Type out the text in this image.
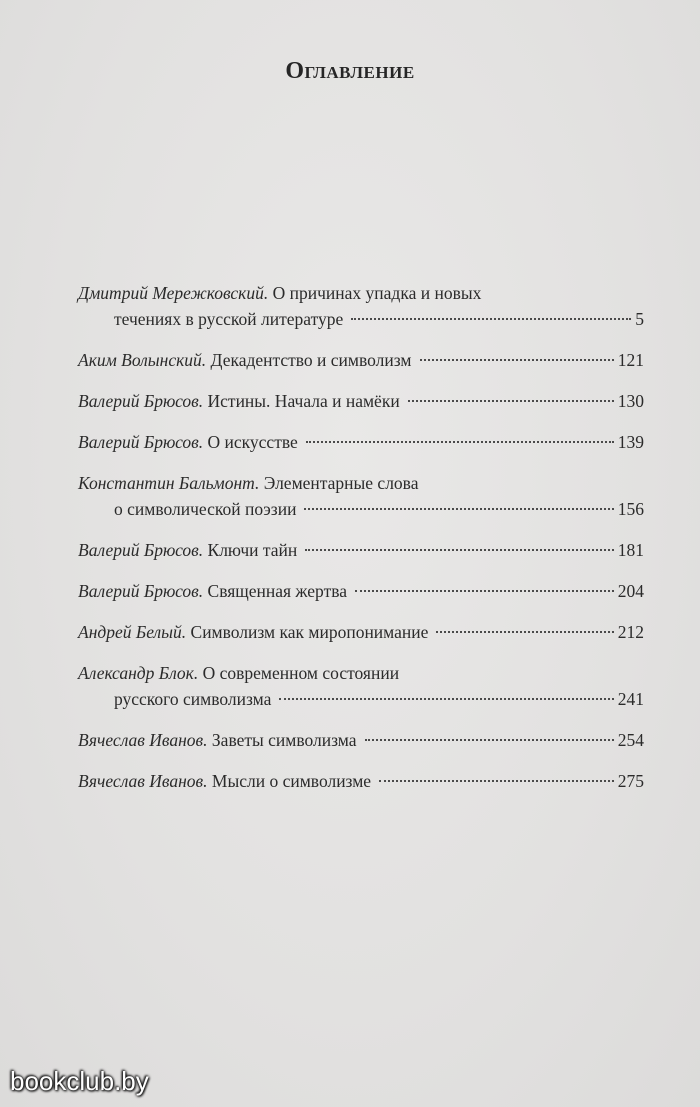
Оглавление
Дмитрий Мережковский. О причинах упадка и новых
течениях в русской литературе	5
Аким Волынский. Декадентство и символизм	121
Валерий Брюсов. Истины. Начала и намёки	130
Валерий Брюсов. О искусстве	139
Константин Бальмонт. Элементарные слова
о символической поэзии	156
Валерий Брюсов. Ключи тайн	181
Валерий Брюсов. Священная жертва	204
Андрей Белый. Символизм как миропонимание	212
Александр Блок. О современном состоянии
русского символизма	241
Вячеслав Иванов. Заветы символизма	254
Вячеслав Иванов. Мысли о символизме	275
bookclub.by
